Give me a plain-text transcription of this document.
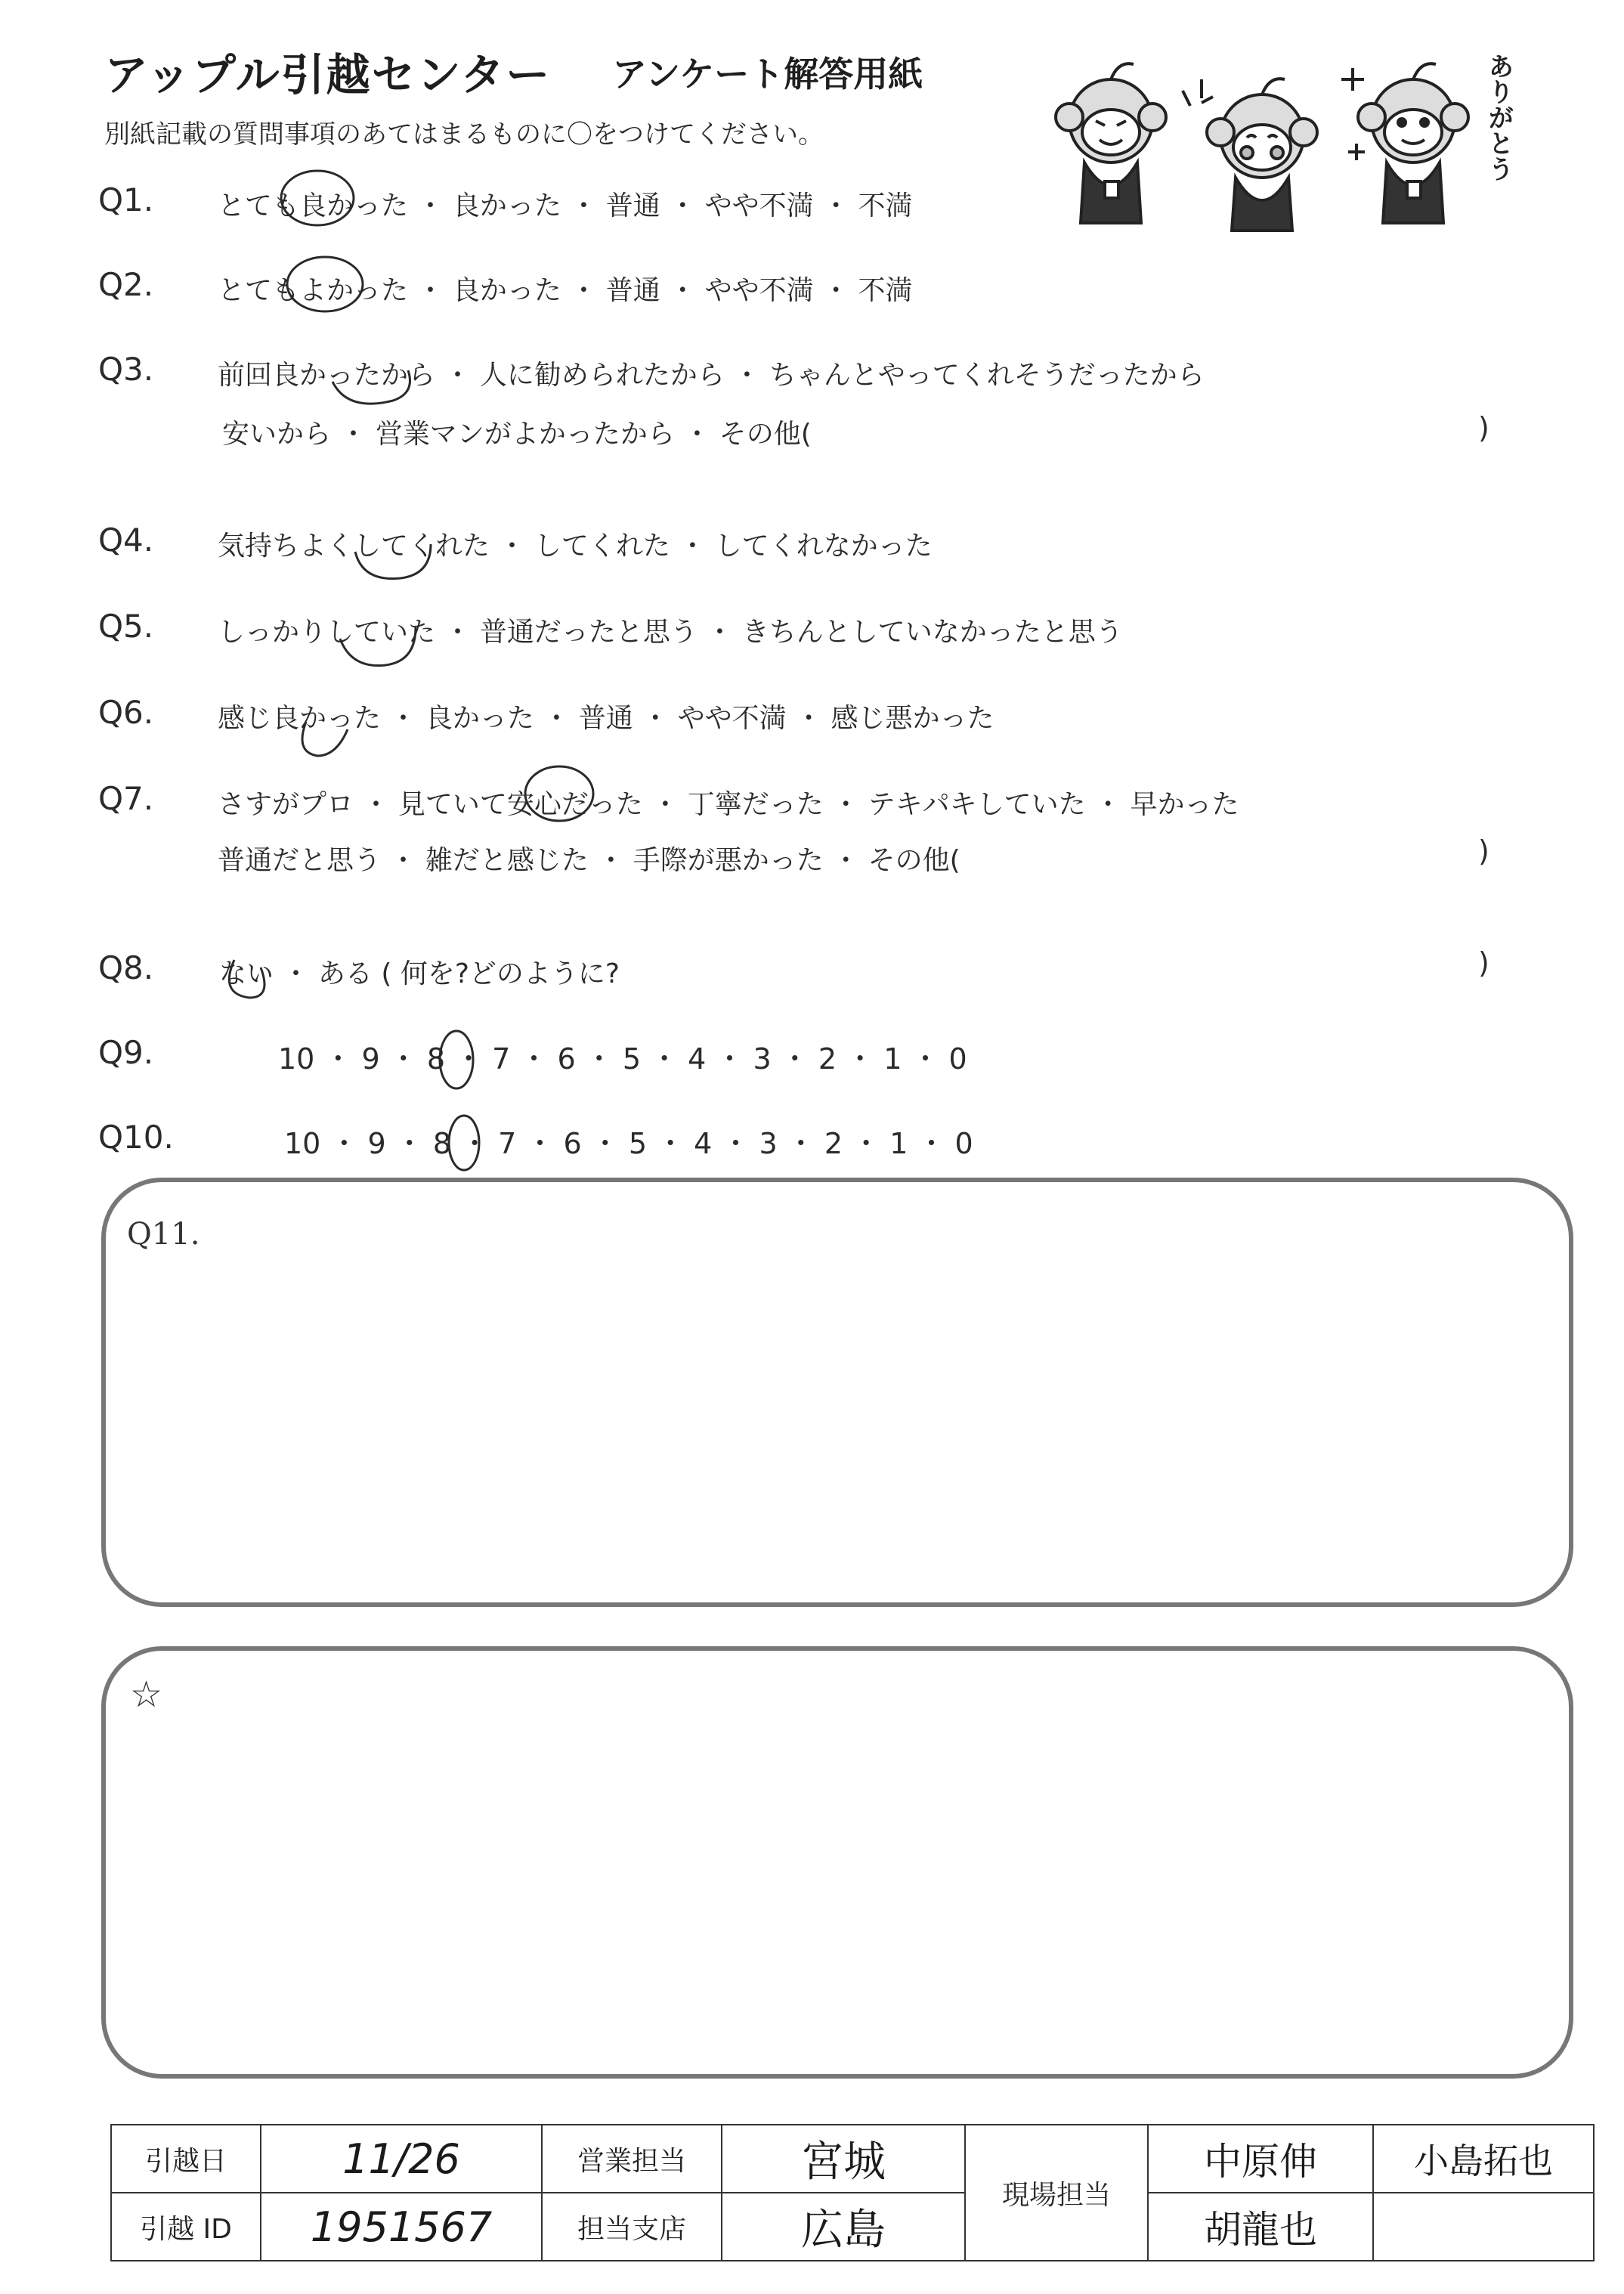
アップル引越センター アンケート解答用紙
別紙記載の質問事項のあてはまるものに〇をつけてください。	ありがとう
Q1. とても良かった ・ 良かった ・ 普通 ・ やや不満 ・ 不満
Q2. とてもよかった ・ 良かった ・ 普通 ・ やや不満 ・ 不満
Q3. 前回良かったから ・ 人に勧められたから ・ ちゃんとやってくれそうだったから
安いから ・ 営業マンがよかったから ・ その他(	)
Q4. 気持ちよくしてくれた ・ してくれた ・ してくれなかった
Q5. しっかりしていた ・ 普通だったと思う ・ きちんとしていなかったと思う
Q6. 感じ良かった ・ 良かった ・ 普通 ・ やや不満 ・ 感じ悪かった
Q7. さすがプロ ・ 見ていて安心だった ・ 丁寧だった ・ テキパキしていた ・ 早かった
普通だと思う ・ 雑だと感じた ・ 手際が悪かった ・ その他(	)
Q8. ない ・ ある ( 何を?どのように?	)
Q9.	10 ・ 9 ・ 8 ・ 7 ・ 6 ・ 5 ・ 4 ・ 3 ・ 2 ・ 1 ・ 0
Q10.	10 ・ 9 ・ 8 ・ 7 ・ 6 ・ 5 ・ 4 ・ 3 ・ 2 ・ 1 ・ 0
Q11.
☆
引越日	11/26	営業担当	宮城	現場担当	中原伸	小島拓也
引越 ID	1951567	担当支店	広島		胡龍也	
